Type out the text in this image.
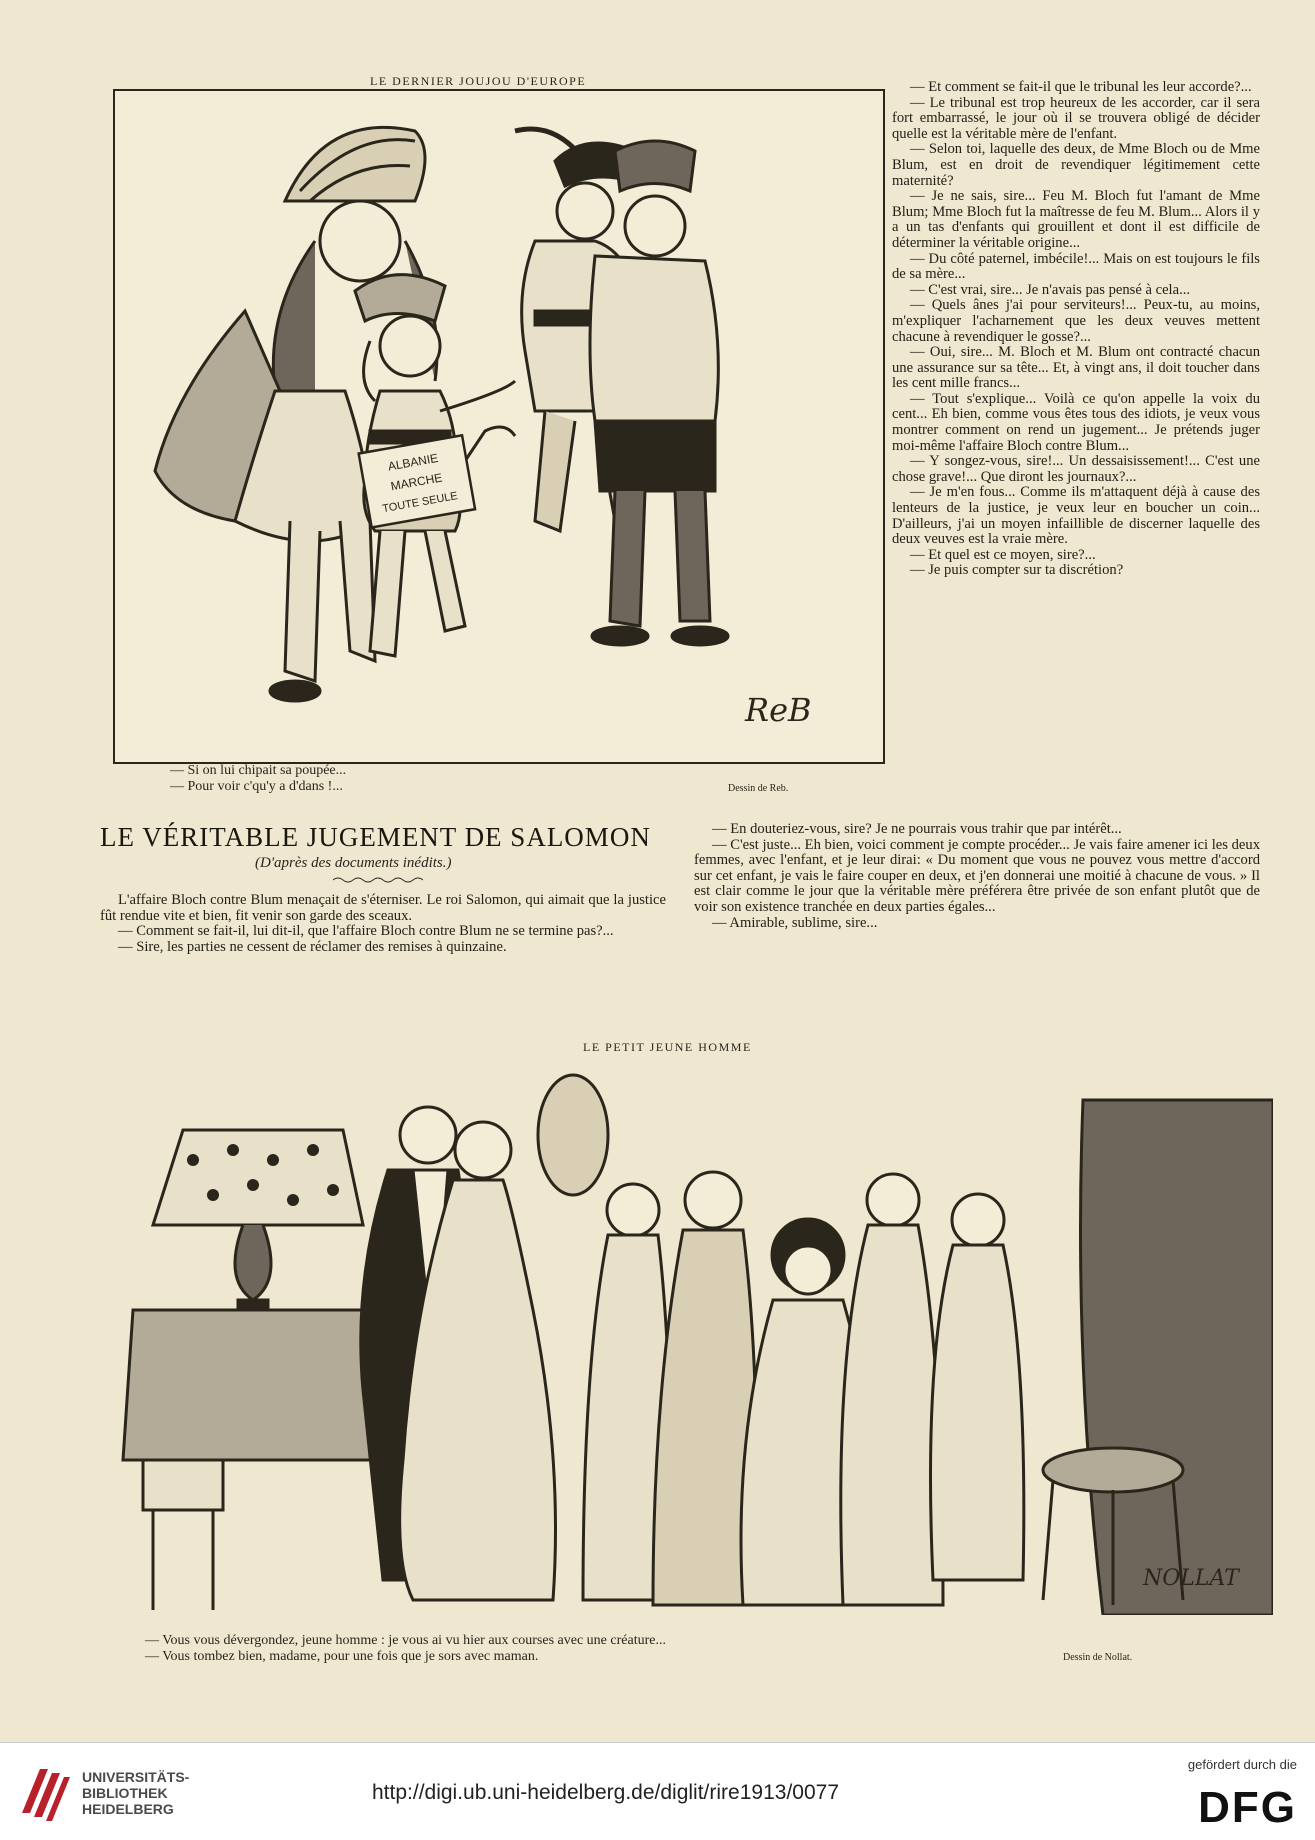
LE DERNIER JOUJOU D'EUROPE
ALBANIE
MARCHE
TOUTE SEULE
ReB
— Si on lui chipait sa poupée...
— Pour voir c'qu'y a d'dans !...	Dessin de Reb.

— Et comment se fait-il que le tribunal les leur accorde?...

— Le tribunal est trop heureux de les accorder, car il sera fort embarrassé, le jour où il se trouvera obligé de décider quelle est la véritable mère de l'enfant.

— Selon toi, laquelle des deux, de Mme Bloch ou de Mme Blum, est en droit de revendiquer légitimement cette maternité?

— Je ne sais, sire... Feu M. Bloch fut l'amant de Mme Blum; Mme Bloch fut la maîtresse de feu M. Blum... Alors il y a un tas d'enfants qui grouillent et dont il est difficile de déterminer la véritable origine...

— Du côté paternel, imbécile!... Mais on est toujours le fils de sa mère...

— C'est vrai, sire... Je n'avais pas pensé à cela...

— Quels ânes j'ai pour serviteurs!... Peux-tu, au moins, m'expliquer l'acharnement que les deux veuves mettent chacune à revendiquer le gosse?...

— Oui, sire... M. Bloch et M. Blum ont contracté chacun une assurance sur sa tête... Et, à vingt ans, il doit toucher dans les cent mille francs...

— Tout s'explique... Voilà ce qu'on appelle la voix du cent... Eh bien, comme vous êtes tous des idiots, je veux vous montrer comment on rend un jugement... Je prétends juger moi-même l'affaire Bloch contre Blum...

— Y songez-vous, sire!... Un dessaisissement!... C'est une chose grave!... Que diront les journaux?...

— Je m'en fous... Comme ils m'attaquent déjà à cause des lenteurs de la justice, je veux leur en boucher un coin... D'ailleurs, j'ai un moyen infaillible de discerner laquelle des deux veuves est la vraie mère.

— Et quel est ce moyen, sire?...

— Je puis compter sur ta discrétion?

LE VÉRITABLE JUGEMENT DE SALOMON
(D'après des documents inédits.)

L'affaire Bloch contre Blum menaçait de s'éterniser. Le roi Salomon, qui aimait que la justice fût rendue vite et bien, fit venir son garde des sceaux.

— Comment se fait-il, lui dit-il, que l'affaire Bloch contre Blum ne se termine pas?...

— Sire, les parties ne cessent de réclamer des remises à quinzaine.

— En douteriez-vous, sire? Je ne pourrais vous trahir que par intérêt...

— C'est juste... Eh bien, voici comment je compte procéder... Je vais faire amener ici les deux femmes, avec l'enfant, et je leur dirai: « Du moment que vous ne pouvez vous mettre d'accord sur cet enfant, je vais le faire couper en deux, et j'en donnerai une moitié à chacune de vous. » Il est clair comme le jour que la véritable mère préférera être privée de son enfant plutôt que de voir son existence tranchée en deux parties égales...

— Amirable, sublime, sire...

LE PETIT JEUNE HOMME
NOLLAT
— Vous vous dévergondez, jeune homme : je vous ai vu hier aux courses avec une créature...
— Vous tombez bien, madame, pour une fois que je sors avec maman.	Dessin de Nollat.
UNIVERSITÄTS-
BIBLIOTHEK
HEIDELBERG
http://digi.ub.uni-heidelberg.de/diglit/rire1913/0077
gefördert durch die
DFG
